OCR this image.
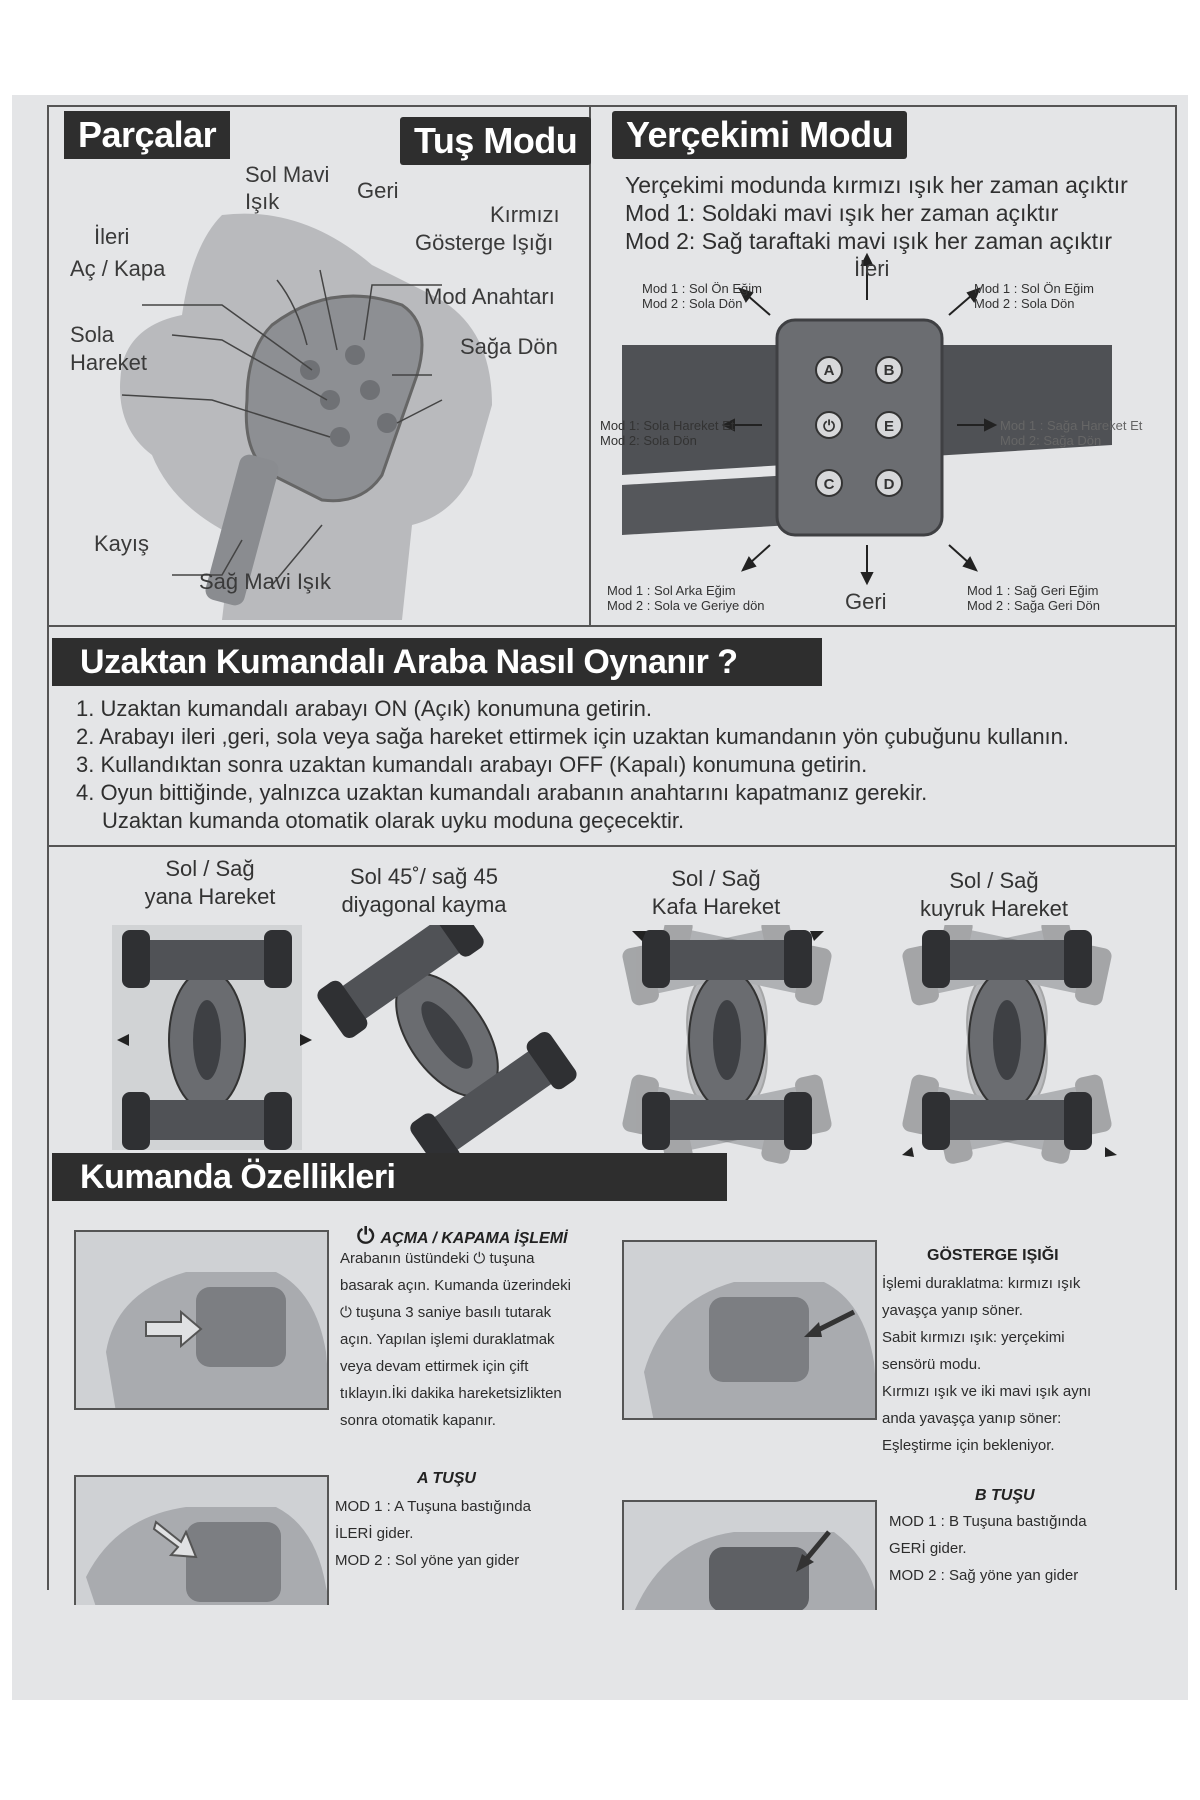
Parçalar	Tuş Modu
Sol Mavi
Işık	Geri
Kırmızı
Gösterge Işığı
İleri
Aç / Kapa
Mod Anahtarı
Sola
Hareket
Sağa Dön
Kayış
Sağ Mavi Işık
Yerçekimi Modu
Yerçekimi modunda kırmızı ışık her zaman açıktır
Mod 1: Soldaki mavi ışık her zaman açıktır
Mod 2: Sağ taraftaki mavi ışık her zaman açıktır
A	B
⏻	E
C	D
İleri
Geri
Mod 1 : Sol Ön Eğim
Mod 2 : Sola Dön
Mod 1 : Sol Ön Eğim
Mod 2 : Sola Dön
Mod 1: Sola Hareket Et
Mod 2: Sola Dön
Mod 1 : Sağa Hareket Et
Mod 2: Sağa Dön
Mod 1 : Sol Arka Eğim
Mod 2 : Sola ve Geriye dön
Mod 1 : Sağ Geri Eğim
Mod 2 : Sağa Geri Dön
Uzaktan Kumandalı Araba Nasıl Oynanır ?
1. Uzaktan kumandalı arabayı ON (Açık) konumuna getirin.
2. Arabayı ileri ,geri, sola veya sağa hareket ettirmek için uzaktan kumandanın yön çubuğunu kullanın.
3. Kullandıktan sonra uzaktan kumandalı arabayı OFF (Kapalı) konumuna getirin.
4. Oyun bittiğinde, yalnızca uzaktan kumandalı arabanın anahtarını kapatmanız gerekir.
Uzaktan kumanda otomatik olarak uyku moduna geçecektir.
Sol / Sağ
yana Hareket
Sol 45˚/ sağ 45
diyagonal kayma
Sol / Sağ
Kafa Hareket
Sol / Sağ
kuyruk Hareket
Kumanda Özellikleri
⏻ AÇMA / KAPAMA İŞLEMİ
Arabanın üstündeki ⏻ tuşuna
basarak açın. Kumanda üzerindeki
⏻ tuşuna 3 saniye basılı tutarak
açın. Yapılan işlemi duraklatmak
veya devam ettirmek için çift
tıklayın.İki dakika hareketsizlikten
sonra otomatik kapanır.
GÖSTERGE IŞIĞI
İşlemi duraklatma: kırmızı ışık
yavaşça yanıp söner.
Sabit kırmızı ışık: yerçekimi
sensörü modu.
Kırmızı ışık ve iki mavi ışık aynı
anda yavaşça yanıp söner:
Eşleştirme için bekleniyor.
A TUŞU
MOD 1 : A Tuşuna bastığında
İLERİ gider.
MOD 2 : Sol yöne yan gider
B TUŞU
MOD 1 : B Tuşuna bastığında
GERİ gider.
MOD 2 : Sağ yöne yan gider
